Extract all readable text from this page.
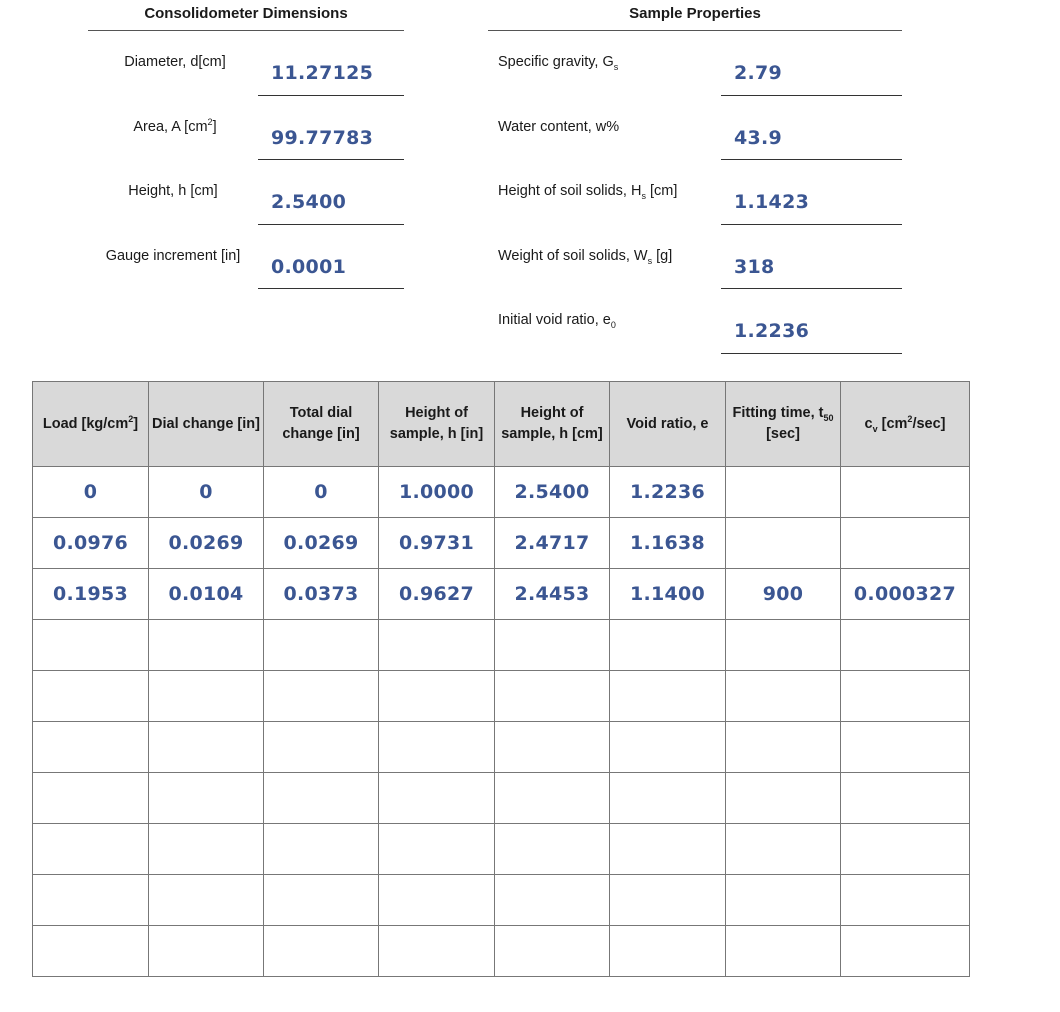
Consolidometer Dimensions
Diameter, d[cm]	11.27125
Area, A $[cm^2]$	99.77783
Height, h [cm]	2.5400
Gauge increment [in]	0.0001
Sample Properties
Specific gravity, $G_s$	2.79
Water content, w%	43.9
Height of soil solids, $H_s$ [cm]	1.1423
Weight of soil solids, $W_s$ [g]	318
Initial void ratio, $e_0$	1.2236
Load $[kg/cm^2]$	Dial change [in]	Total dial change [in]	Height of sample, h [in]	Height of sample, h [cm]	Void ratio, e	Fitting time, $t_{50}$ [sec]	$c_v$ $[cm^2/\sec]$
0	0	0	1.0000	2.5400	1.2236		
0.0976	0.0269	0.0269	0.9731	2.4717	1.1638		
0.1953	0.0104	0.0373	0.9627	2.4453	1.1400	900	0.000327
